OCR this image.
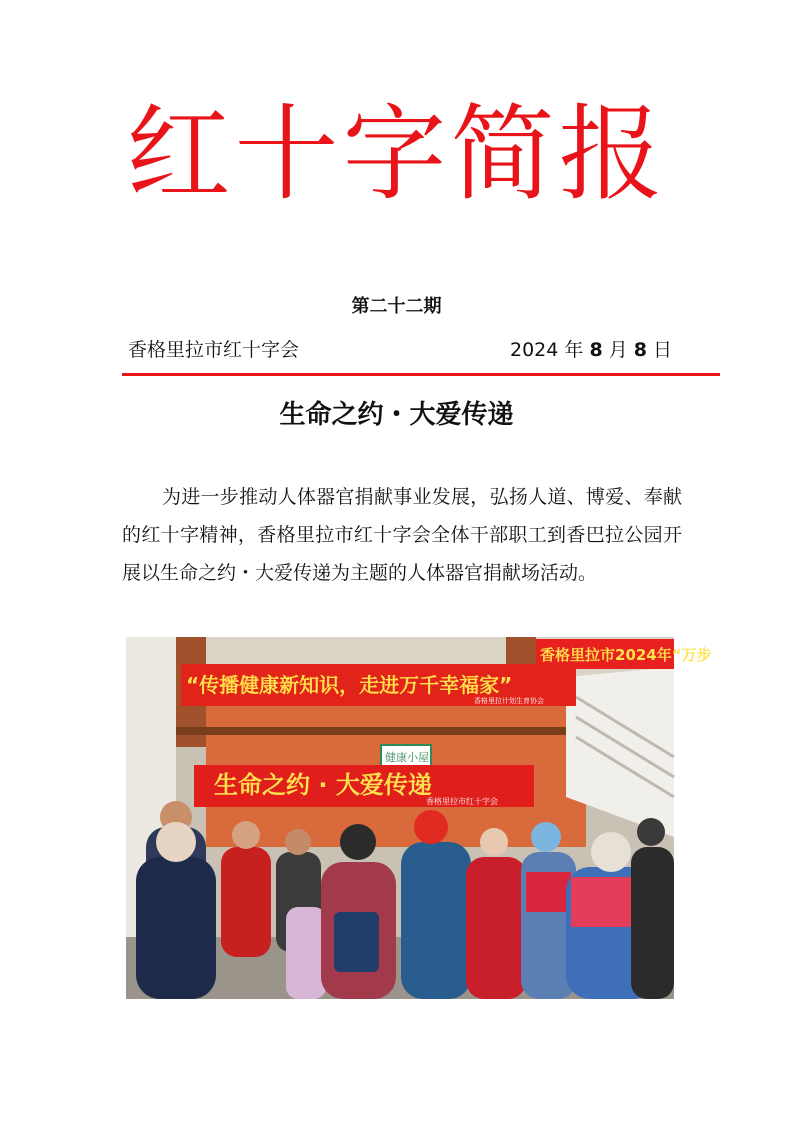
红十字简报
第二十二期
香格里拉市红十字会	2024 年 8 月 8 日
生命之约・大爱传递
为进一步推动人体器官捐献事业发展，弘扬人道、博爱、奉献的红十字精神，香格里拉市红十字会全体干部职工到香巴拉公园开展以生命之约・大爱传递为主题的人体器官捐献场活动。
香格里拉市2024年“万步
“传播健康新知识，走进万千幸福家”
香格里拉计划生育协会
健康小屋
生命之约 · 大爱传递
香格里拉市红十字会
